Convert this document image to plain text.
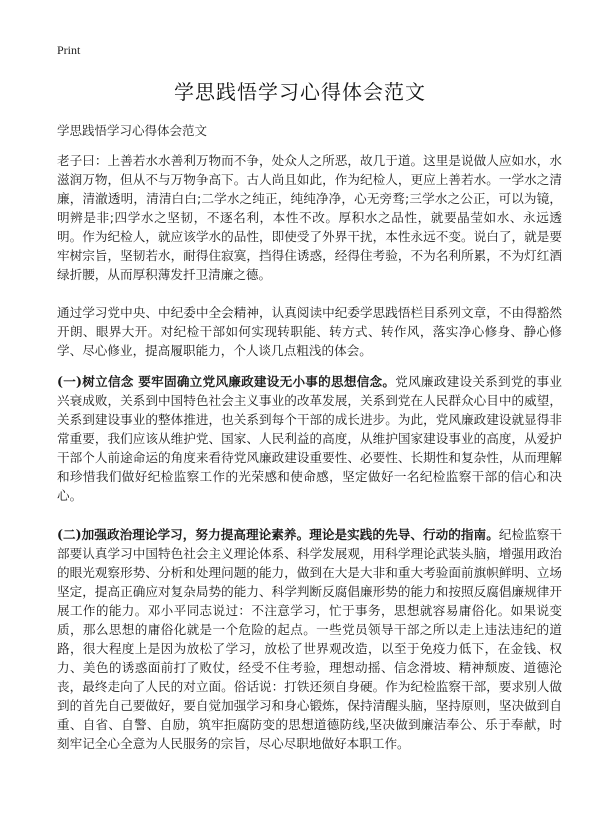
Print
学思践悟学习心得体会范文
学思践悟学习心得体会范文

老子曰：上善若水水善利万物而不争，处众人之所恶，故几于道。这里是说做人应如水，水滋润万物，但从不与万物争高下。古人尚且如此，作为纪检人，更应上善若水。一学水之清廉，清澈透明，清清白白;二学水之纯正，纯纯净净，心无旁骛;三学水之公正，可以为镜，明辨是非;四学水之坚韧，不逐名利，本性不改。厚积水之品性，就要晶莹如水、永远透明。作为纪检人，就应该学水的品性，即使受了外界干扰，本性永远不变。说白了，就是要牢树宗旨，坚韧若水，耐得住寂寞，挡得住诱惑，经得住考验，不为名利所累，不为灯红酒绿折腰，从而厚积薄发扦卫清廉之德。

通过学习党中央、中纪委中全会精神，认真阅读中纪委学思践悟栏目系列文章，不由得豁然开朗、眼界大开。对纪检干部如何实现转职能、转方式、转作风，落实净心修身、静心修学、尽心修业，提高履职能力，个人谈几点粗浅的体会。

(一)树立信念 要牢固确立党风廉政建设无小事的思想信念。党风廉政建设关系到党的事业兴衰成败，关系到中国特色社会主义事业的改革发展，关系到党在人民群众心目中的威望，关系到建设事业的整体推进，也关系到每个干部的成长进步。为此，党风廉政建设就显得非常重要，我们应该从维护党、国家、人民利益的高度，从维护国家建设事业的高度，从爱护干部个人前途命运的角度来看待党风廉政建设重要性、必要性、长期性和复杂性，从而理解和珍惜我们做好纪检监察工作的光荣感和使命感，坚定做好一名纪检监察干部的信心和决心。

(二)加强政治理论学习，努力提高理论素养。理论是实践的先导、行动的指南。纪检监察干部要认真学习中国特色社会主义理论体系、科学发展观，用科学理论武装头脑，增强用政治的眼光观察形势、分析和处理问题的能力，做到在大是大非和重大考验面前旗帜鲜明、立场坚定，提高正确应对复杂局势的能力、科学判断反腐倡廉形势的能力和按照反腐倡廉规律开展工作的能力。邓小平同志说过：不注意学习，忙于事务，思想就容易庸俗化。如果说变质，那么思想的庸俗化就是一个危险的起点。一些党员领导干部之所以走上违法违纪的道路，很大程度上是因为放松了学习，放松了世界观改造，以至于免疫力低下，在金钱、权力、美色的诱惑面前打了败仗，经受不住考验，理想动摇、信念滑坡、精神颓废、道德沦丧，最终走向了人民的对立面。俗话说：打铁还须自身硬。作为纪检监察干部，要求别人做到的首先自己要做好，要自觉加强学习和身心锻炼，保持清醒头脑，坚持原则，坚决做到自重、自省、自警、自励，筑牢拒腐防变的思想道德防线,坚决做到廉洁奉公、乐于奉献，时刻牢记全心全意为人民服务的宗旨，尽心尽职地做好本职工作。
